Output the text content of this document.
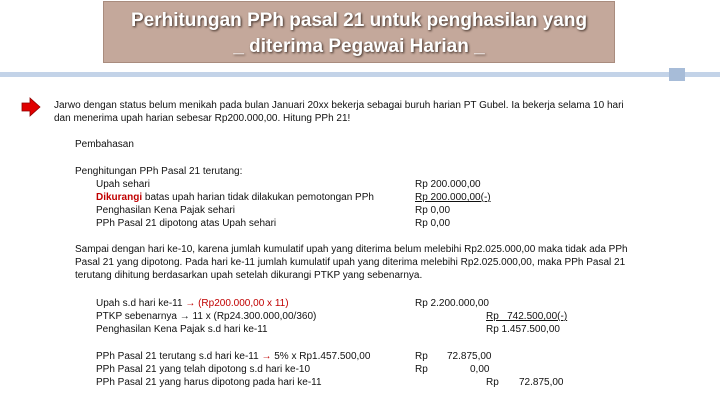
Perhitungan PPh pasal 21 untuk penghasilan yang
_ diterima Pegawai Harian _
Jarwo dengan status belum menikah pada bulan Januari 20xx bekerja sebagai buruh harian PT Gubel. Ia bekerja selama 10 hari
dan menerima upah harian sebesar Rp200.000,00. Hitung PPh 21!
Pembahasan
Penghitungan PPh Pasal 21 terutang:
Upah sehari
Dikurangi batas upah harian tidak dilakukan pemotongan PPh
Penghasilan Kena Pajak sehari
PPh Pasal 21 dipotong atas Upah sehari
Rp 200.000,00
Rp 200.000,00(-)
Rp 0,00
Rp 0,00
Sampai dengan hari ke-10, karena jumlah kumulatif upah yang diterima belum melebihi Rp2.025.000,00 maka tidak ada PPh
Pasal 21 yang dipotong. Pada hari ke-11 jumlah kumulatif upah yang diterima melebihi Rp2.025.000,00, maka PPh Pasal 21
terutang dihitung berdasarkan upah setelah dikurangi PTKP yang sebenarnya.
Upah s.d hari ke-11 → (Rp200.000,00 x 11)
PTKP sebenarnya → 11 x (Rp24.300.000,00/360)
Penghasilan Kena Pajak s.d hari ke-11
Rp 2.200.000,00
Rp   742.500,00(-)
Rp 1.457.500,00
PPh Pasal 21 terutang s.d hari ke-11 → 5% x Rp1.457.500,00
PPh Pasal 21 yang telah dipotong s.d hari ke-10
PPh Pasal 21 yang harus dipotong pada hari ke-11
Rp 72.875,00
Rp	0,00
Rp 72.875,00
